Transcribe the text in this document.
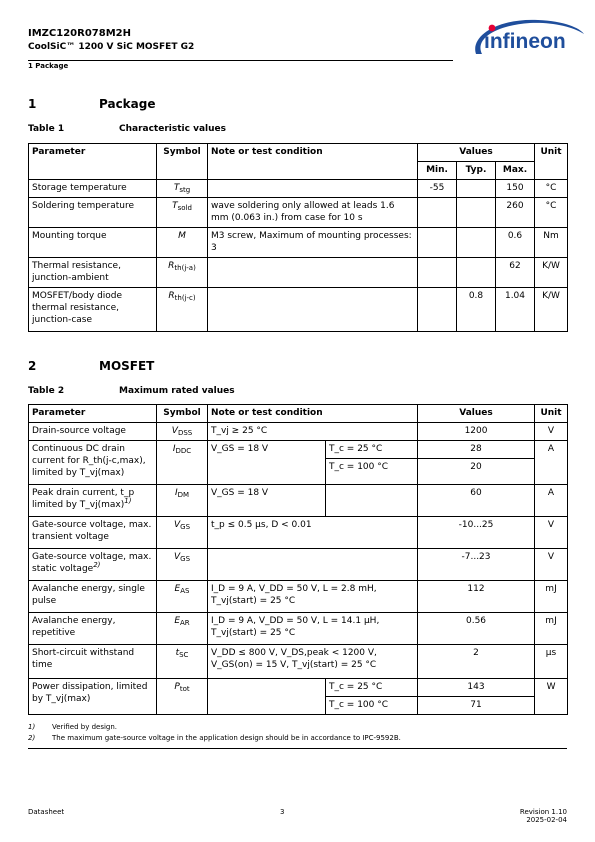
IMZC120R078M2H
CoolSiC™ 1200 V SiC MOSFET G2
1 Package
infineon
1	Package
Table 1	Characteristic values
Parameter	Symbol	Note or test condition	Values			Unit
			Min.	Typ.	Max.	
Storage temperature	$T_{stg}$		-55		150	°C
Soldering temperature	$T_{sold}$	wave soldering only allowed at leads 1.6 mm (0.063 in.) from case for 10 s			260	°C
Mounting torque	M	M3 screw, Maximum of mounting processes: 3			0.6	Nm
Thermal resistance, junction-ambient	$R_{th(j-a)}$				62	K/W
MOSFET/body diode thermal resistance, junction-case	$R_{th(j-c)}$			0.8	1.04	K/W
2	MOSFET
Table 2	Maximum rated values
Parameter	Symbol	Note or test condition		Values	Unit
Drain-source voltage	$V_{DSS}$	T_vj ≥ 25 °C		1200	V
Continuous DC drain current for R_th(j-c,max), limited by T_vj(max)	$I_{DDC}$	V_GS = 18 V	T_c = 25 °C	28	A
			T_c = 100 °C	20	
Peak drain current, t_p limited by $T\_vj(\max)^{1)}$	$I_{DM}$	V_GS = 18 V		60	A
Gate-source voltage, max. transient voltage	$V_{GS}$	t_p ≤ 0.5 µs, D < 0.01		-10...25	V
Gate-source voltage, max. static voltage$^{2)}$	$V_{GS}$			-7...23	V
Avalanche energy, single pulse	$E_{AS}$	I_D = 9 A, V_DD = 50 V, L = 2.8 mH, T_vj(start) = 25 °C		112	mJ
Avalanche energy, repetitive	$E_{AR}$	I_D = 9 A, V_DD = 50 V, L = 14.1 µH, T_vj(start) = 25 °C		0.56	mJ
Short-circuit withstand time	$t_{SC}$	V_DD ≤ 800 V, V_DS,peak < 1200 V, V_GS(on) = 15 V, T_vj(start) = 25 °C		2	µs
Power dissipation, limited by T_vj(max)	$P_{tot}$		T_c = 25 °C	143	W
			T_c = 100 °C	71	
1) Verified by design.
2) The maximum gate-source voltage in the application design should be in accordance to IPC-9592B.
Datasheet	3	Revision 1.10
2025-02-04
